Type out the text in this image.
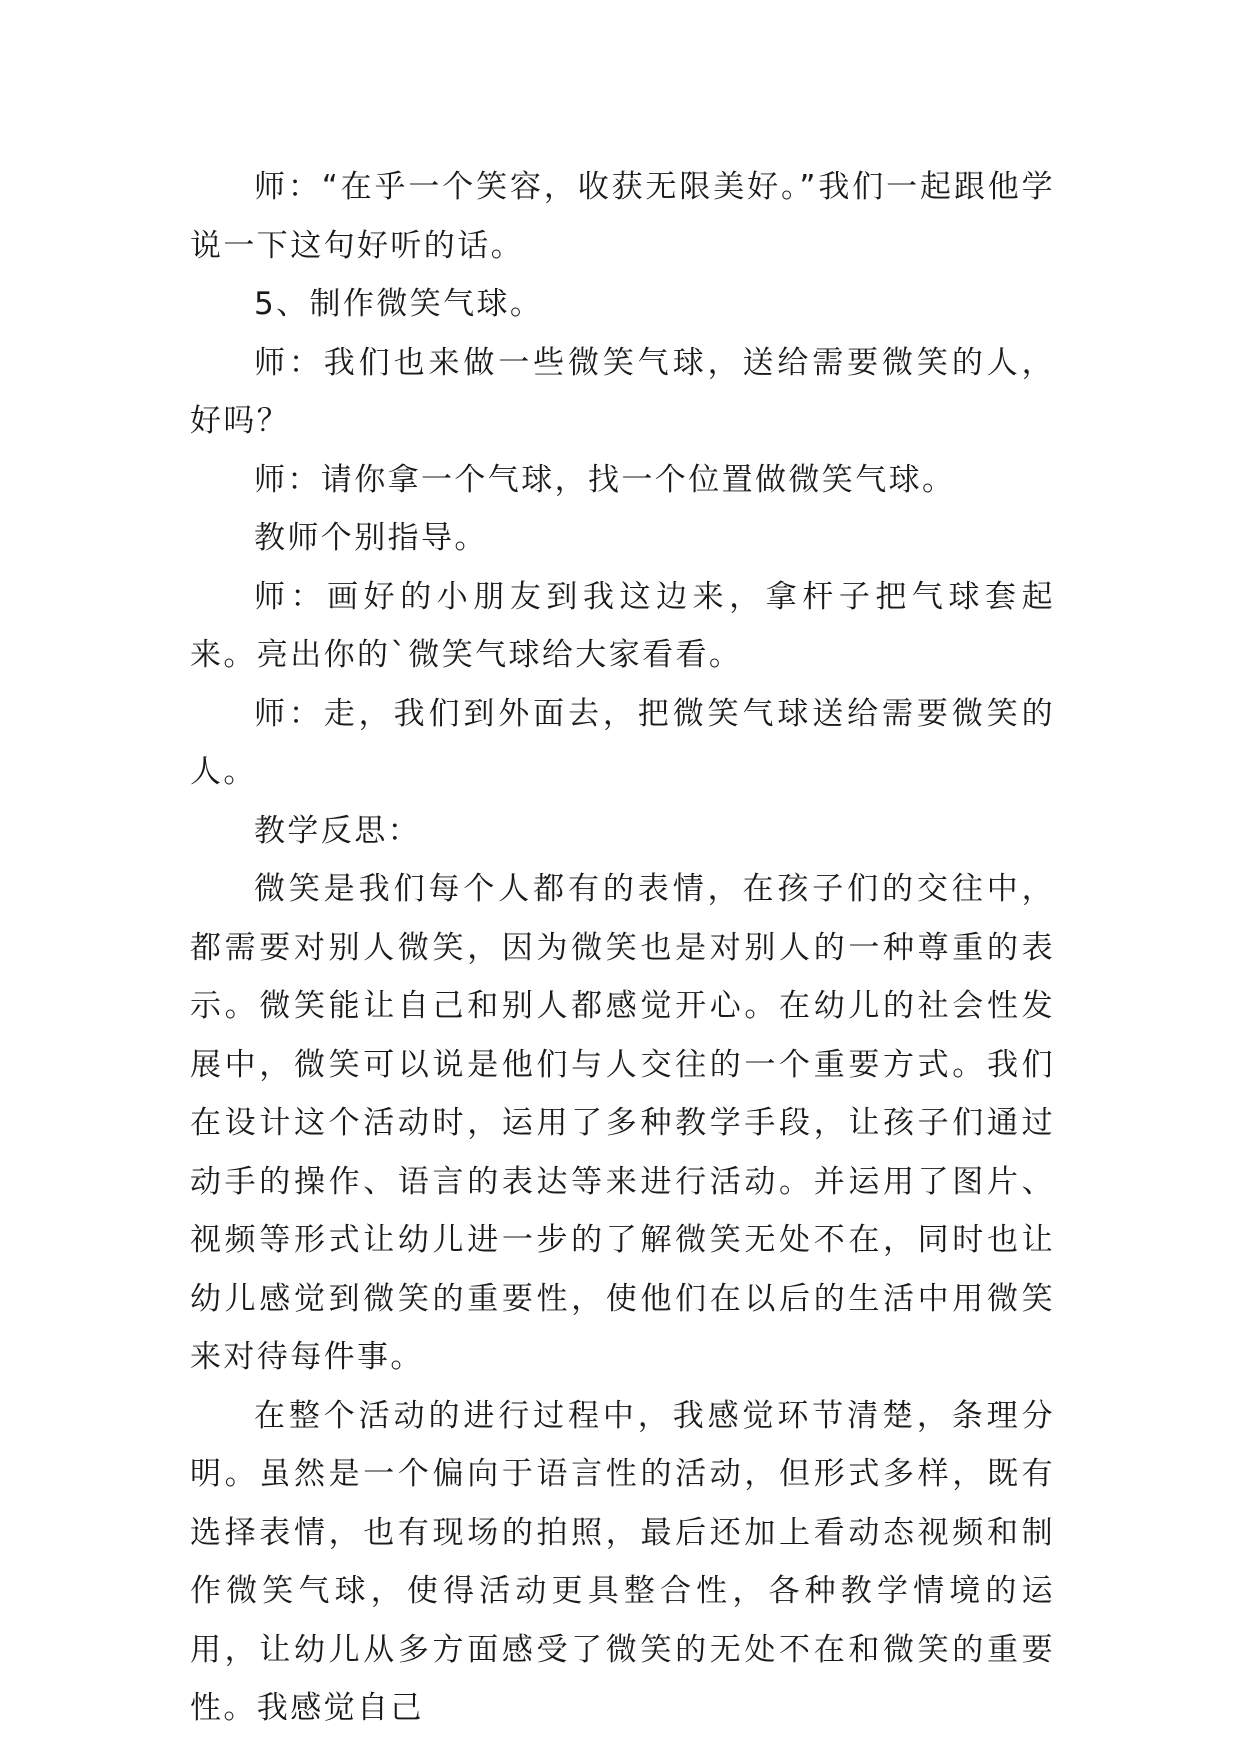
师：“在乎一个笑容，收获无限美好。”我们一起跟他学说一下这句好听的话。

5、制作微笑气球。

师：我们也来做一些微笑气球，送给需要微笑的人，好吗？

师：请你拿一个气球，找一个位置做微笑气球。

教师个别指导。

师：画好的小朋友到我这边来，拿杆子把气球套起来。亮出你的`微笑气球给大家看看。

师：走，我们到外面去，把微笑气球送给需要微笑的人。

教学反思：

微笑是我们每个人都有的表情，在孩子们的交往中，都需要对别人微笑，因为微笑也是对别人的一种尊重的表示。微笑能让自己和别人都感觉开心。在幼儿的社会性发展中，微笑可以说是他们与人交往的一个重要方式。我们在设计这个活动时，运用了多种教学手段，让孩子们通过动手的操作、语言的表达等来进行活动。并运用了图片、视频等形式让幼儿进一步的了解微笑无处不在，同时也让幼儿感觉到微笑的重要性，使他们在以后的生活中用微笑来对待每件事。

在整个活动的进行过程中，我感觉环节清楚，条理分明。虽然是一个偏向于语言性的活动，但形式多样，既有选择表情，也有现场的拍照，最后还加上看动态视频和制作微笑气球，使得活动更具整合性，各种教学情境的运用，让幼儿从多方面感受了微笑的无处不在和微笑的重要性。我感觉自己
